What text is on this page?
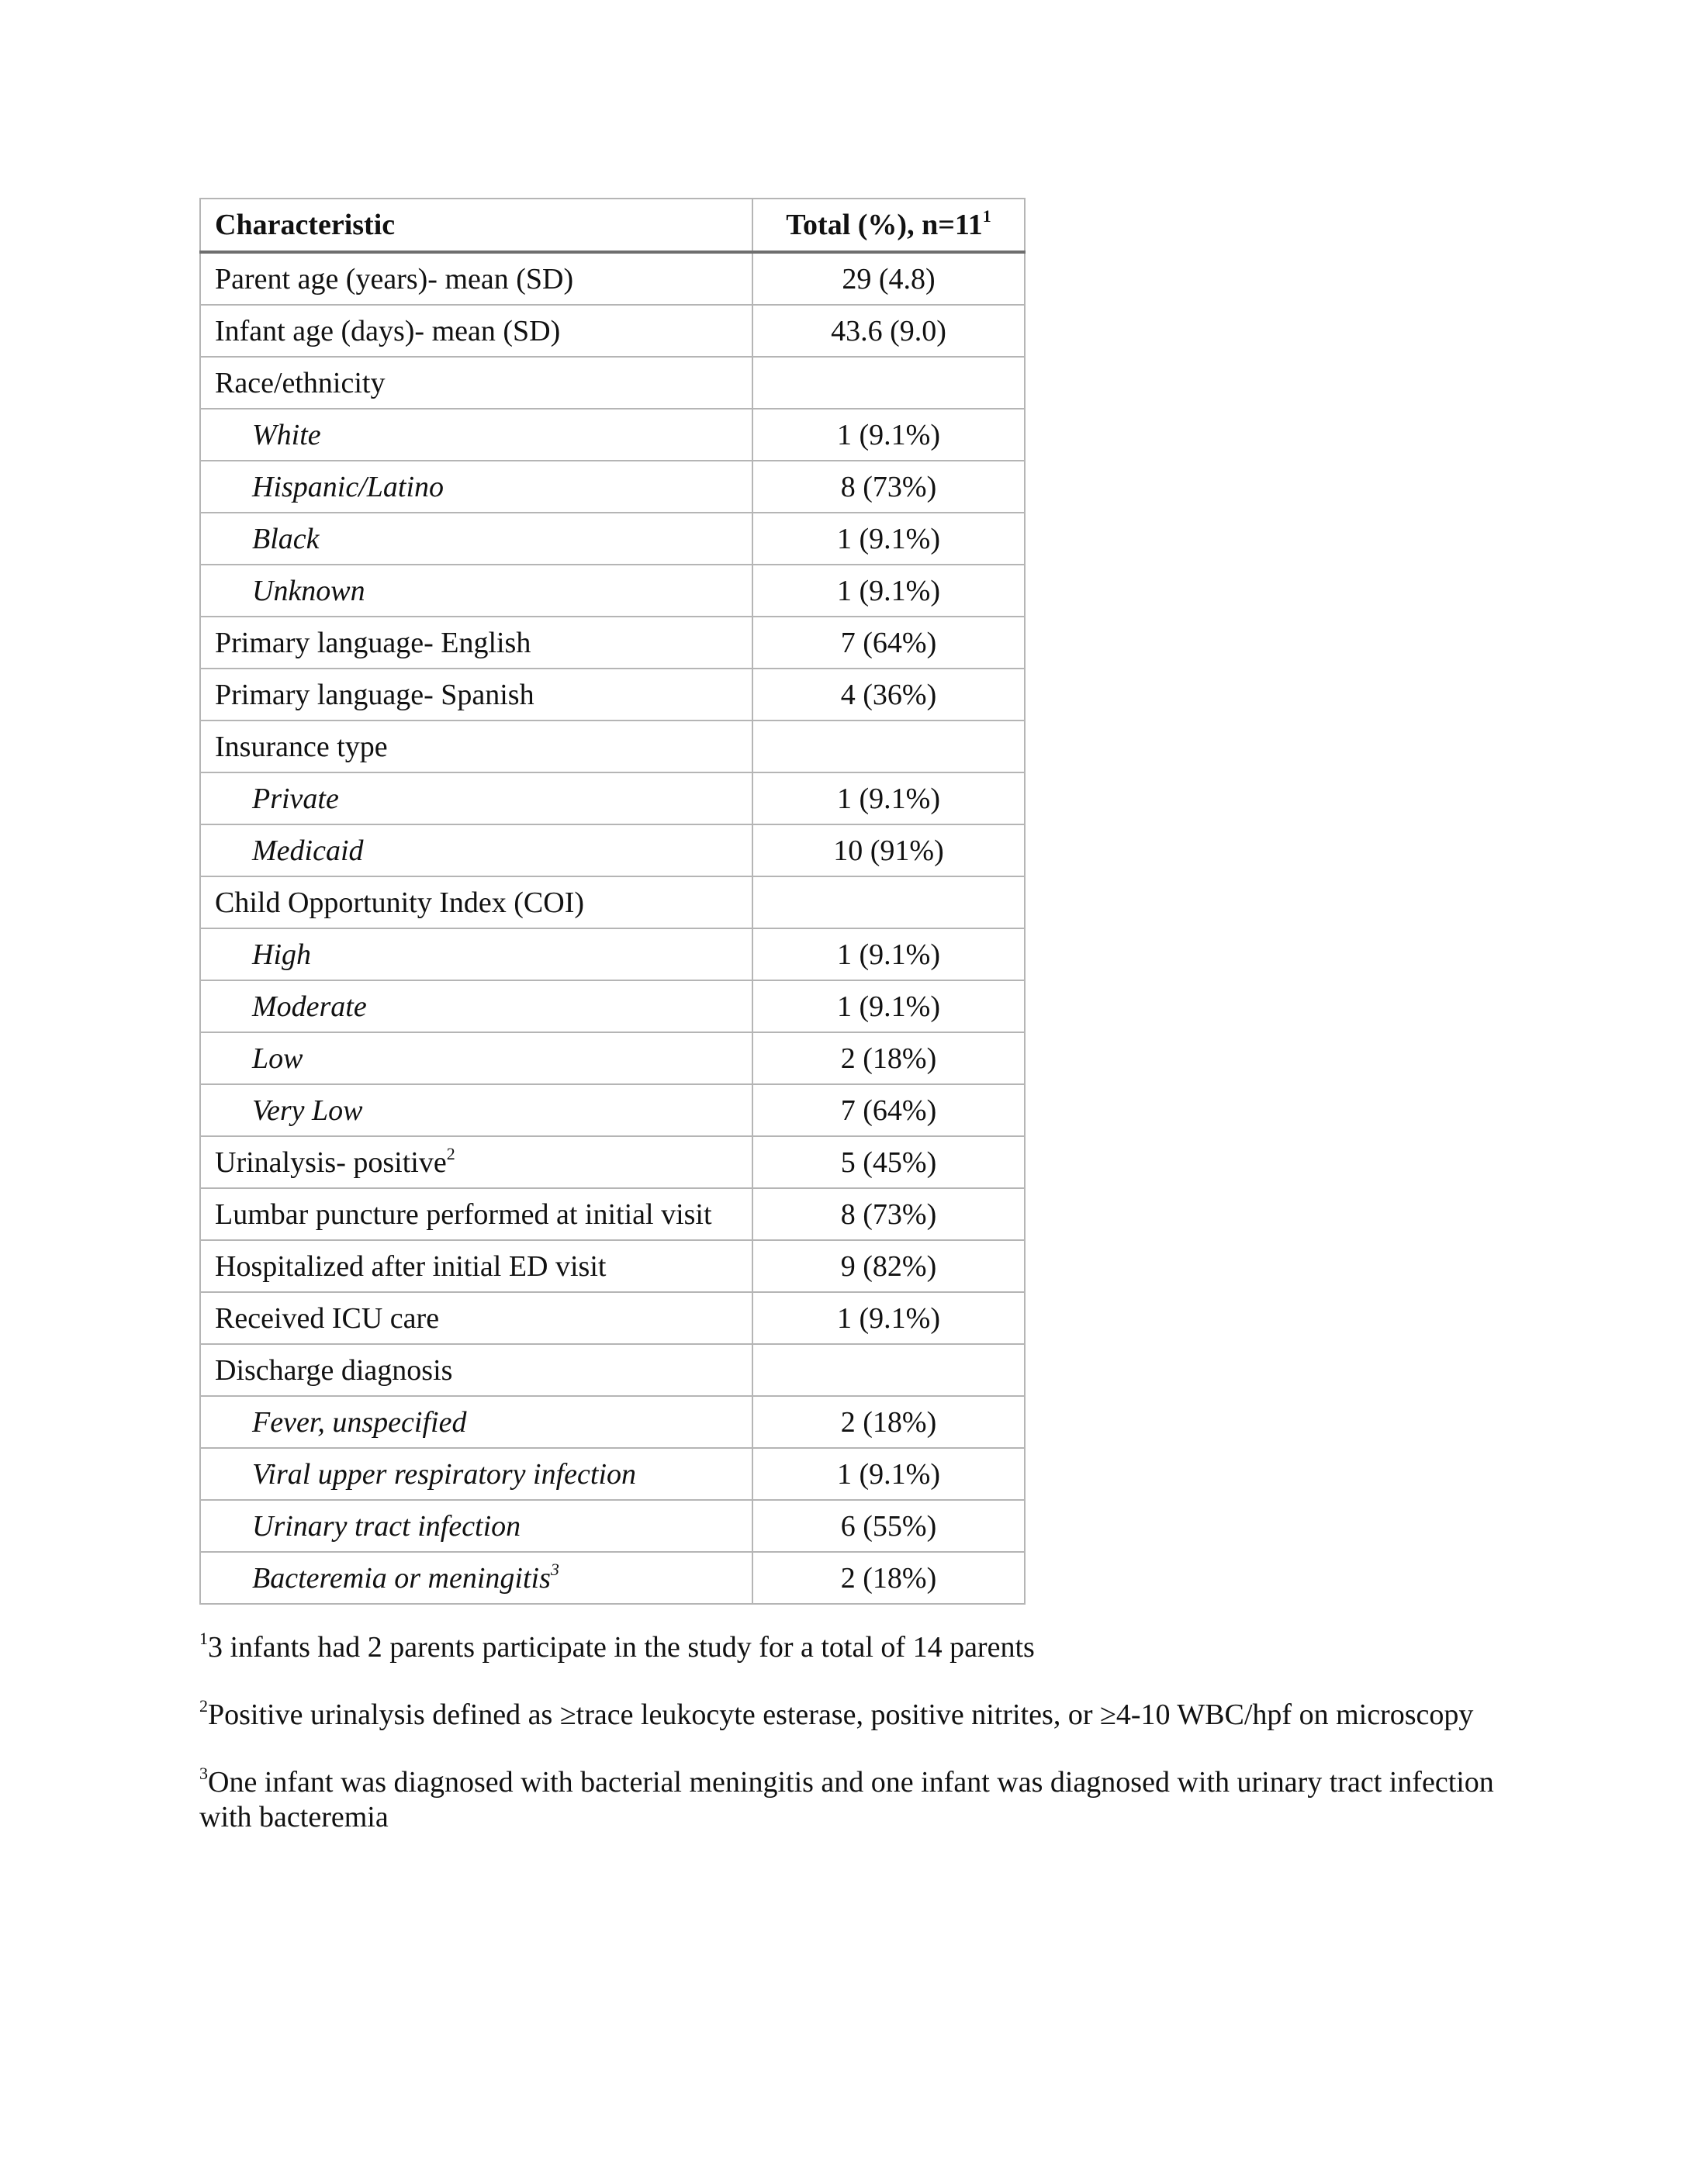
Characteristic	Total (%), $n=11^1$
Parent age (years)- mean (SD)	29 (4.8)
Infant age (days)- mean (SD)	43.6 (9.0)
Race/ethnicity	
White	1 (9.1%)
Hispanic/Latino	8 (73%)
Black	1 (9.1%)
Unknown	1 (9.1%)
Primary language- English	7 (64%)
Primary language- Spanish	4 (36%)
Insurance type	
Private	1 (9.1%)
Medicaid	10 (91%)
Child Opportunity Index (COI)	
High	1 (9.1%)
Moderate	1 (9.1%)
Low	2 (18%)
Very Low	7 (64%)
Urinalysis- positive$^2$	5 (45%)
Lumbar puncture performed at initial visit	8 (73%)
Hospitalized after initial ED visit	9 (82%)
Received ICU care	1 (9.1%)
Discharge diagnosis	
Fever, unspecified	2 (18%)
Viral upper respiratory infection	1 (9.1%)
Urinary tract infection	6 (55%)
Bacteremia or meningitis$^3$	2 (18%)

$^1$3 infants had 2 parents participate in the study for a total of 14 parents

$^2$Positive urinalysis defined as ≥trace leukocyte esterase, positive nitrites, or ≥4-10 WBC/hpf on microscopy

$^3$One infant was diagnosed with bacterial meningitis and one infant was diagnosed with urinary tract infection with bacteremia
